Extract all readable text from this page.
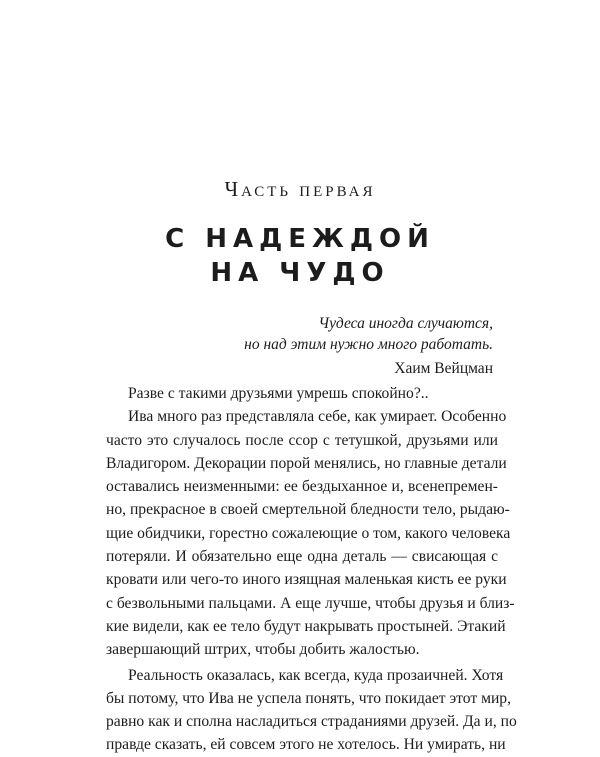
Часть первая
С НАДЕЖДОЙ
НА ЧУДО
Чудеса иногда случаются,
но над этим нужно много работать.
Хаим Вейцман
Разве с такими друзьями умрешь спокойно?..
Ива много раз представляла себе, как умирает. Особенно
часто это случалось после ссор с тетушкой, друзьями или
Владигором. Декорации порой менялись, но главные детали
оставались неизменными: ее бездыханное и, всенепремен-
но, прекрасное в своей смертельной бледности тело, рыдаю-
щие обидчики, горестно сожалеющие о том, какого человека
потеряли. И обязательно еще одна деталь — свисающая с
кровати или чего-то иного изящная маленькая кисть ее руки
с безвольными пальцами. А еще лучше, чтобы друзья и близ-
кие видели, как ее тело будут накрывать простыней. Этакий
завершающий штрих, чтобы добить жалостью.
Реальность оказалась, как всегда, куда прозаичней. Хотя
бы потому, что Ива не успела понять, что покидает этот мир,
равно как и сполна насладиться страданиями друзей. Да и, по
правде сказать, ей совсем этого не хотелось. Ни умирать, ни
